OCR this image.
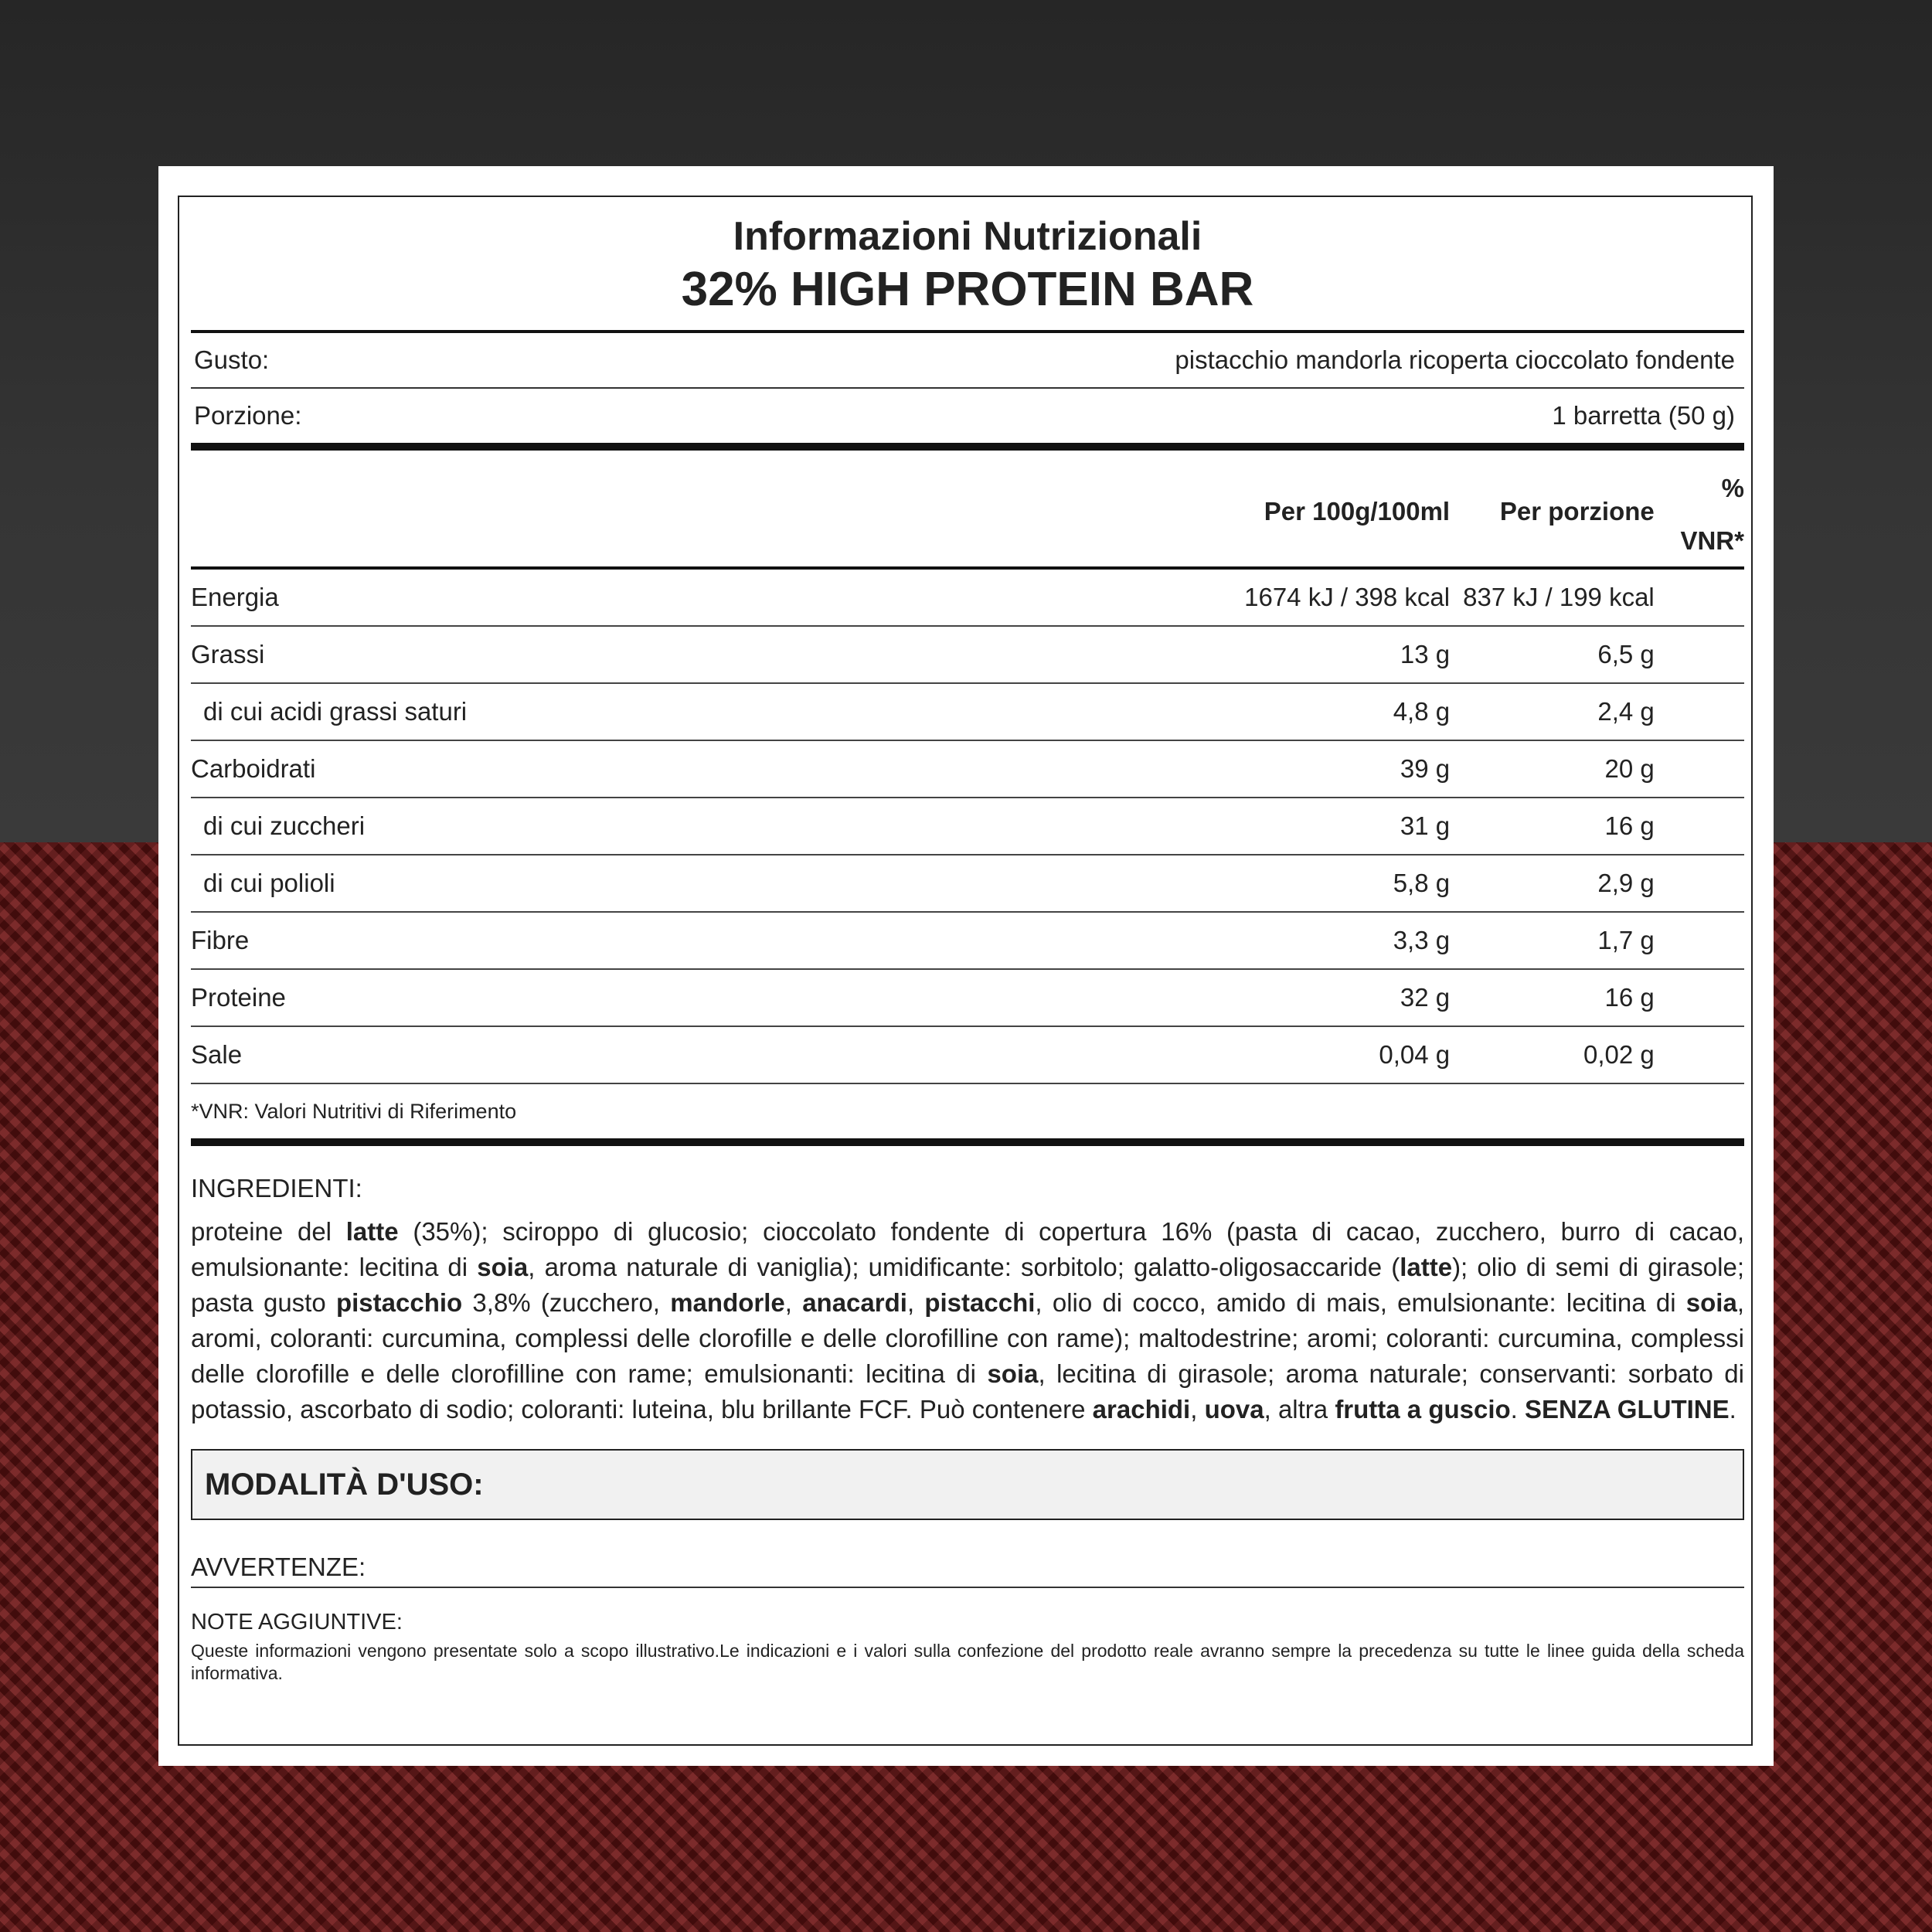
Informazioni Nutrizionali
32% HIGH PROTEIN BAR
Gusto:	pistacchio mandorla ricoperta cioccolato fondente
Porzione:	1 barretta (50 g)
Per 100g/100ml	Per porzione
%
VNR*
Energia	1674 kJ / 398 kcal 837 kJ / 199 kcal
Grassi	13 g	6,5 g
di cui acidi grassi saturi	4,8 g	2,4 g
Carboidrati	39 g	20 g
di cui zuccheri	31 g	16 g
di cui polioli	5,8 g	2,9 g
Fibre	3,3 g	1,7 g
Proteine	32 g	16 g
Sale	0,04 g	0,02 g
*VNR: Valori Nutritivi di Riferimento
INGREDIENTI:
proteine del latte (35%); sciroppo di glucosio; cioccolato fondente di copertura 16% (pasta di cacao, zucchero, burro di cacao, emulsionante: lecitina di soia, aroma naturale di vaniglia); umidificante: sorbitolo; galatto-oligosaccaride (latte); olio di semi di girasole; pasta gusto pistacchio 3,8% (zucchero, mandorle, anacardi, pistacchi, olio di cocco, amido di mais, emulsionante: lecitina di soia, aromi, coloranti: curcumina, complessi delle clorofille e delle clorofilline con rame); maltodestrine; aromi; coloranti: curcumina, complessi delle clorofille e delle clorofilline con rame; emulsionanti: lecitina di soia, lecitina di girasole; aroma naturale; conservanti: sorbato di potassio, ascorbato di sodio; coloranti: luteina, blu brillante FCF. Può contenere arachidi, uova, altra frutta a guscio. SENZA GLUTINE.
MODALITÀ D'USO:
AVVERTENZE:
NOTE AGGIUNTIVE:
Queste informazioni vengono presentate solo a scopo illustrativo.Le indicazioni e i valori sulla confezione del prodotto reale avranno sempre la precedenza su tutte le linee guida della scheda informativa.
